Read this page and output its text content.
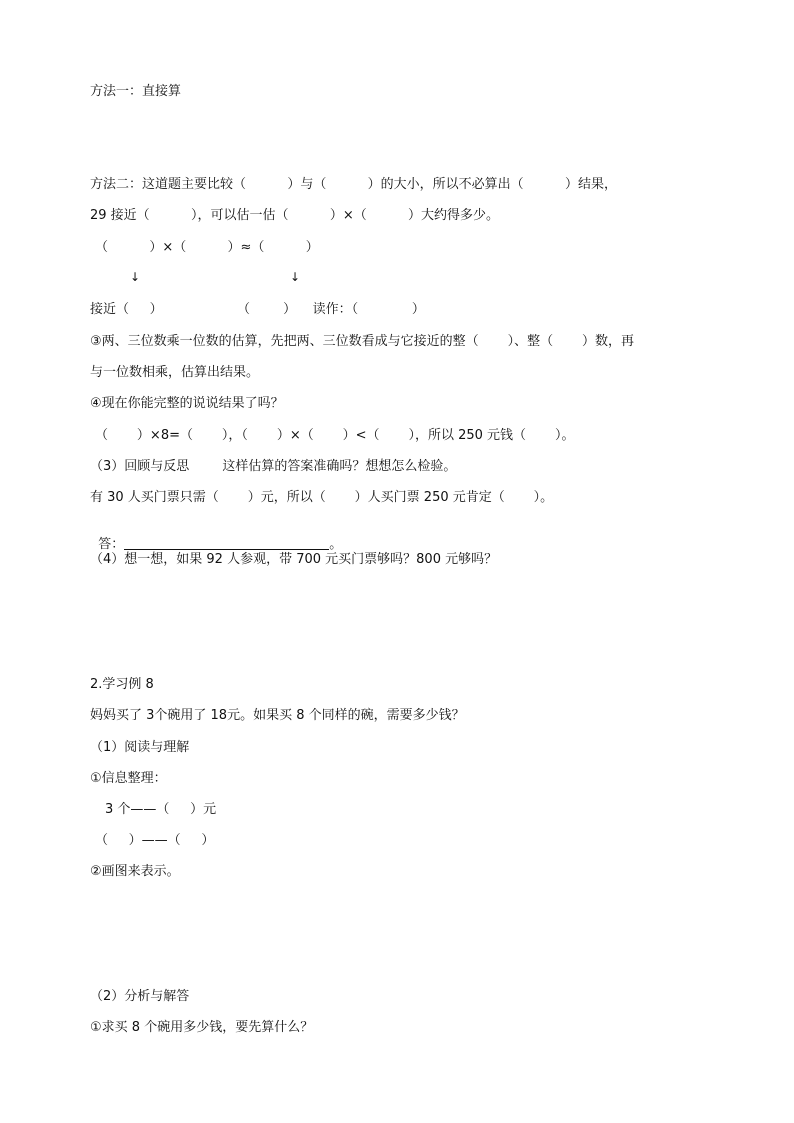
方法一：直接算
方法二：这道题主要比较（          ）与（          ）的大小，所以不必算出（          ）结果，
29 接近（          ），可以估一估（          ）×（          ）大约得多少。
（          ）×（          ）≈（          ）
↓	↓
接近（     ）                  （        ）    读作：（             ）
③两、三位数乘一位数的估算，先把两、三位数看成与它接近的整（       ）、整（       ）数，再
与一位数相乘，估算出结果。
④现在你能完整的说说结果了吗？
（       ）×8=（       ），（       ）×（       ）<（       ），所以 250 元钱（       ）。
（3）回顾与反思        这样估算的答案准确吗？想想怎么检验。
有 30 人买门票只需（       ）元，所以（       ）人买门票 250 元肯定（       ）。

答：	。

（4）想一想，如果 92 人参观，带 700 元买门票够吗？800 元够吗？
2.学习例 8
妈妈买了 3个碗用了 18元。如果买 8 个同样的碗，需要多少钱？
（1）阅读与理解
①信息整理：
3 个——（     ）元
（     ）——（     ）
②画图来表示。
（2）分析与解答
①求买 8 个碗用多少钱，要先算什么？
